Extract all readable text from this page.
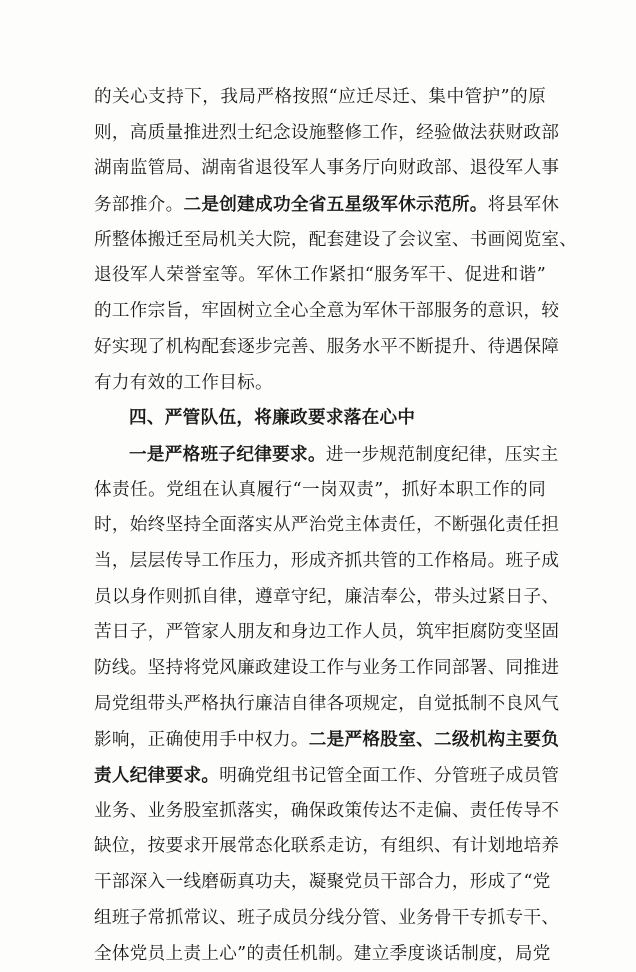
的关心支持下，我局严格按照“应迁尽迁、集中管护”的原
则，高质量推进烈士纪念设施整修工作，经验做法获财政部
湖南监管局、湖南省退役军人事务厅向财政部、退役军人事
务部推介。二是创建成功全省五星级军休示范所。将县军休
所整体搬迁至局机关大院，配套建设了会议室、书画阅览室、
退役军人荣誉室等。军休工作紧扣“服务军干、促进和谐”
的工作宗旨，牢固树立全心全意为军休干部服务的意识，较
好实现了机构配套逐步完善、服务水平不断提升、待遇保障
有力有效的工作目标。
四、严管队伍，将廉政要求落在心中
一是严格班子纪律要求。进一步规范制度纪律，压实主
体责任。党组在认真履行“一岗双责”，抓好本职工作的同
时，始终坚持全面落实从严治党主体责任，不断强化责任担
当，层层传导工作压力，形成齐抓共管的工作格局。班子成
员以身作则抓自律，遵章守纪，廉洁奉公，带头过紧日子、
苦日子，严管家人朋友和身边工作人员，筑牢拒腐防变坚固
防线。坚持将党风廉政建设工作与业务工作同部署、同推进
局党组带头严格执行廉洁自律各项规定，自觉抵制不良风气
影响，正确使用手中权力。二是严格股室、二级机构主要负
责人纪律要求。明确党组书记管全面工作、分管班子成员管
业务、业务股室抓落实，确保政策传达不走偏、责任传导不
缺位，按要求开展常态化联系走访，有组织、有计划地培养
干部深入一线磨砺真功夫，凝聚党员干部合力，形成了“党
组班子常抓常议、班子成员分线分管、业务骨干专抓专干、
全体党员上责上心”的责任机制。建立季度谈话制度，局党
